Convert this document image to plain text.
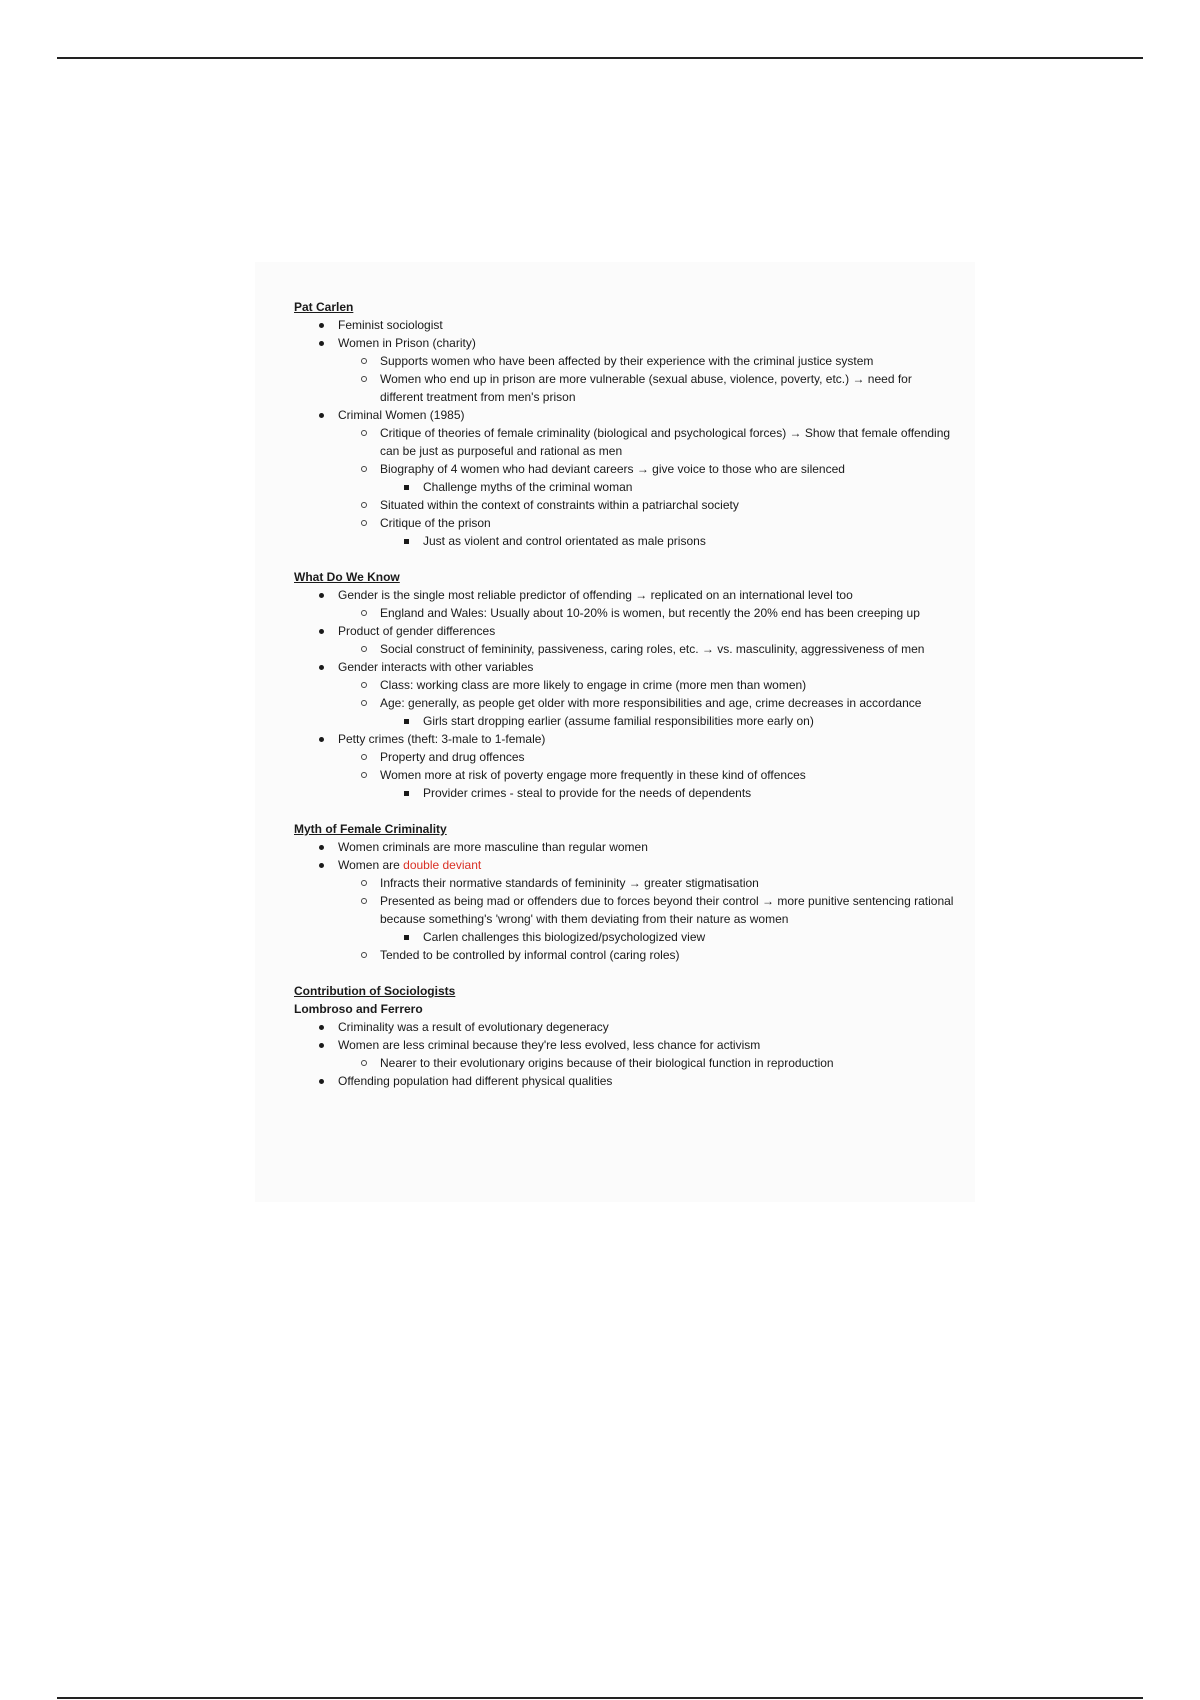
Pat Carlen

Feminist sociologist
Women in Prison (charity)
Supports women who have been affected by their experience with the criminal justice system
Women who end up in prison are more vulnerable (sexual abuse, violence, poverty, etc.) → need for different treatment from men's prison
Criminal Women (1985)
Critique of theories of female criminality (biological and psychological forces) → Show that female offending can be just as purposeful and rational as men
Biography of 4 women who had deviant careers → give voice to those who are silenced
Challenge myths of the criminal woman
Situated within the context of constraints within a patriarchal society
Critique of the prison
Just as violent and control orientated as male prisons

What Do We Know

Gender is the single most reliable predictor of offending → replicated on an international level too
England and Wales: Usually about 10-20% is women, but recently the 20% end has been creeping up
Product of gender differences
Social construct of femininity, passiveness, caring roles, etc. → vs. masculinity, aggressiveness of men
Gender interacts with other variables
Class: working class are more likely to engage in crime (more men than women)
Age: generally, as people get older with more responsibilities and age, crime decreases in accordance
Girls start dropping earlier (assume familial responsibilities more early on)
Petty crimes (theft: 3-male to 1-female)
Property and drug offences
Women more at risk of poverty engage more frequently in these kind of offences
Provider crimes - steal to provide for the needs of dependents

Myth of Female Criminality

Women criminals are more masculine than regular women
Women are double deviant
Infracts their normative standards of femininity → greater stigmatisation
Presented as being mad or offenders due to forces beyond their control → more punitive sentencing rational because something's 'wrong' with them deviating from their nature as women
Carlen challenges this biologized/psychologized view
Tended to be controlled by informal control (caring roles)

Contribution of Sociologists

Lombroso and Ferrero

Criminality was a result of evolutionary degeneracy
Women are less criminal because they're less evolved, less chance for activism
Nearer to their evolutionary origins because of their biological function in reproduction
Offending population had different physical qualities
